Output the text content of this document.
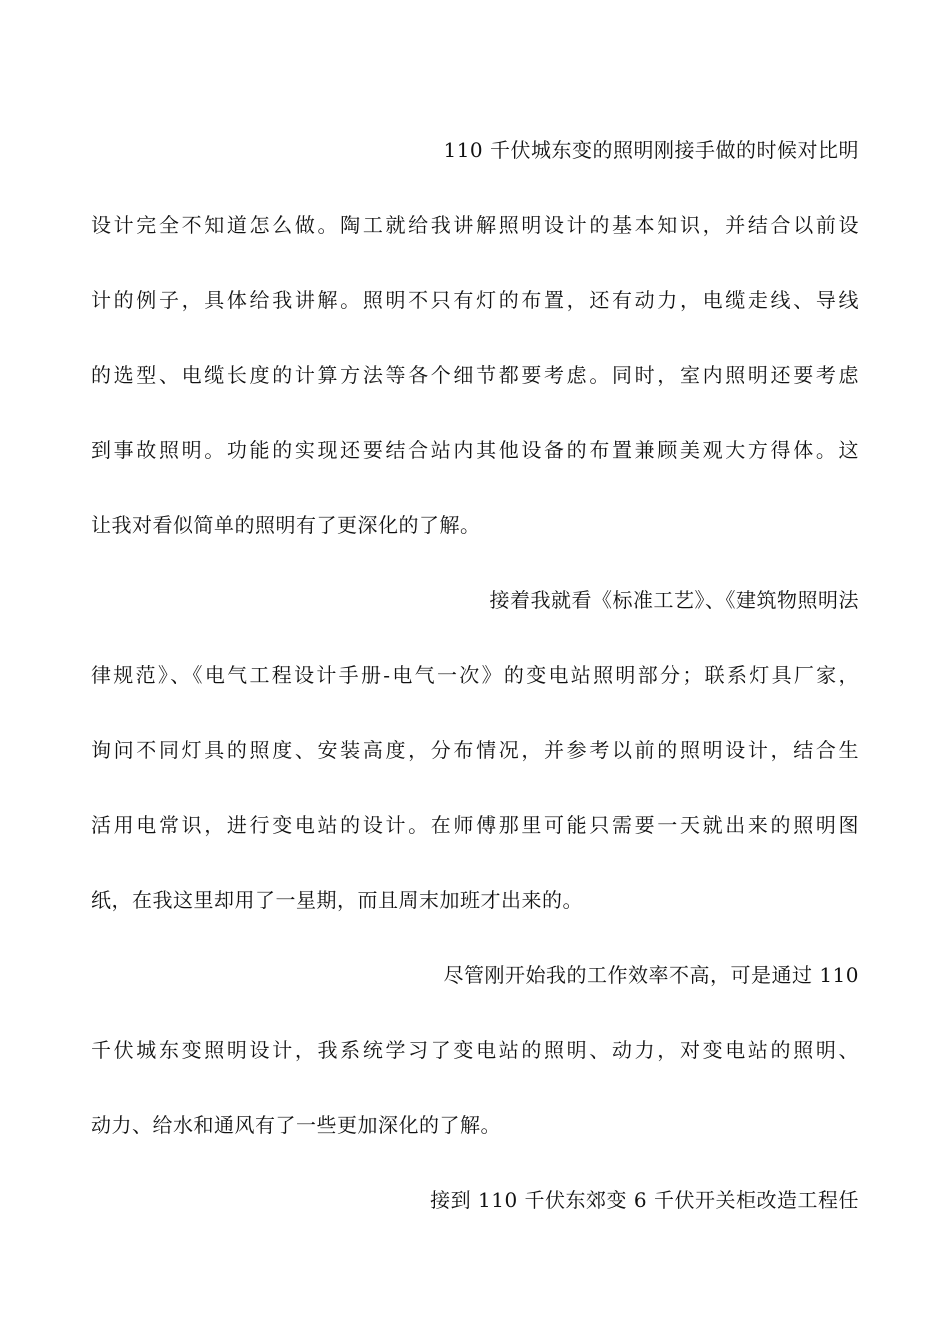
110 千伏城东变的照明刚接手做的时候对比明
设计完全不知道怎么做。陶工就给我讲解照明设计的基本知识，并结合以前设
计的例子，具体给我讲解。照明不只有灯的布置，还有动力，电缆走线、导线
的选型、电缆长度的计算方法等各个细节都要考虑。同时，室内照明还要考虑
到事故照明。功能的实现还要结合站内其他设备的布置兼顾美观大方得体。这
让我对看似简单的照明有了更深化的了解。
接着我就看《标准工艺》、《建筑物照明法
律规范》、《电气工程设计手册-电气一次》的变电站照明部分；联系灯具厂家，
询问不同灯具的照度、安装高度，分布情况，并参考以前的照明设计，结合生
活用电常识，进行变电站的设计。在师傅那里可能只需要一天就出来的照明图
纸，在我这里却用了一星期，而且周末加班才出来的。
尽管刚开始我的工作效率不高，可是通过 110
千伏城东变照明设计，我系统学习了变电站的照明、动力，对变电站的照明、
动力、给水和通风有了一些更加深化的了解。
接到 110 千伏东郊变 6 千伏开关柜改造工程任
